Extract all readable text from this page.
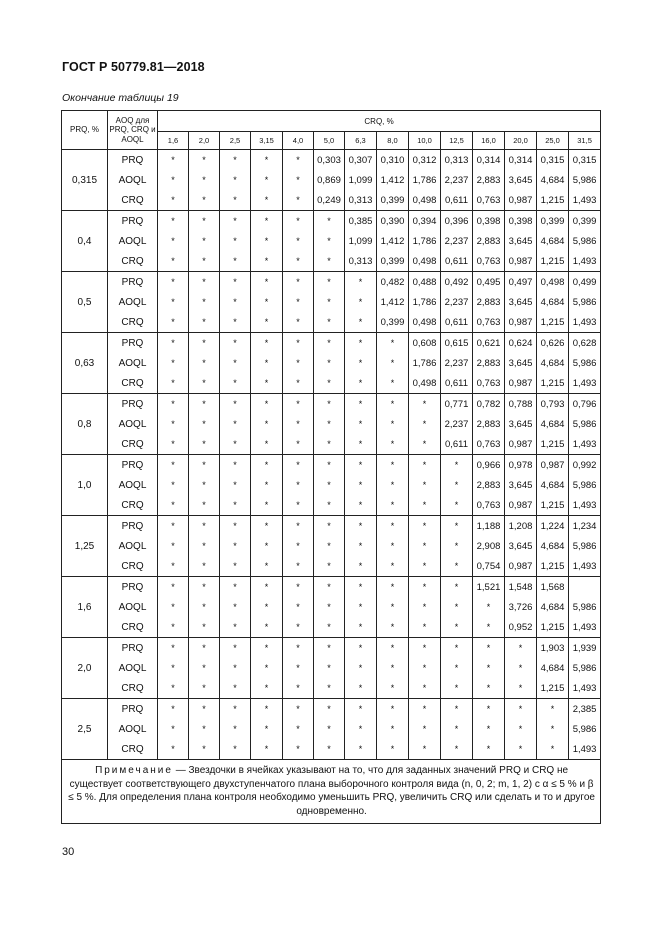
ГОСТ Р 50779.81—2018
Окончание таблицы 19
PRQ, %	AOQ для PRQ, CRQ и AOQL	CRQ, %													
		1,6	2,0	2,5	3,15	4,0	5,0	6,3	8,0	10,0	12,5	16,0	20,0	25,0	31,5
0,315	PRQ	*	*	*	*	*	0,303	0,307	0,310	0,312	0,313	0,314	0,314	0,315	0,315
	AOQL	*	*	*	*	*	0,869	1,099	1,412	1,786	2,237	2,883	3,645	4,684	5,986
	CRQ	*	*	*	*	*	0,249	0,313	0,399	0,498	0,611	0,763	0,987	1,215	1,493
0,4	PRQ	*	*	*	*	*	*	0,385	0,390	0,394	0,396	0,398	0,398	0,399	0,399
	AOQL	*	*	*	*	*	*	1,099	1,412	1,786	2,237	2,883	3,645	4,684	5,986
	CRQ	*	*	*	*	*	*	0,313	0,399	0,498	0,611	0,763	0,987	1,215	1,493
0,5	PRQ	*	*	*	*	*	*	*	0,482	0,488	0,492	0,495	0,497	0,498	0,499
	AOQL	*	*	*	*	*	*	*	1,412	1,786	2,237	2,883	3,645	4,684	5,986
	CRQ	*	*	*	*	*	*	*	0,399	0,498	0,611	0,763	0,987	1,215	1,493
0,63	PRQ	*	*	*	*	*	*	*	*	0,608	0,615	0,621	0,624	0,626	0,628
	AOQL	*	*	*	*	*	*	*	*	1,786	2,237	2,883	3,645	4,684	5,986
	CRQ	*	*	*	*	*	*	*	*	0,498	0,611	0,763	0,987	1,215	1,493
0,8	PRQ	*	*	*	*	*	*	*	*	*	0,771	0,782	0,788	0,793	0,796
	AOQL	*	*	*	*	*	*	*	*	*	2,237	2,883	3,645	4,684	5,986
	CRQ	*	*	*	*	*	*	*	*	*	0,611	0,763	0,987	1,215	1,493
1,0	PRQ	*	*	*	*	*	*	*	*	*	*	0,966	0,978	0,987	0,992
	AOQL	*	*	*	*	*	*	*	*	*	*	2,883	3,645	4,684	5,986
	CRQ	*	*	*	*	*	*	*	*	*	*	0,763	0,987	1,215	1,493
1,25	PRQ	*	*	*	*	*	*	*	*	*	*	1,188	1,208	1,224	1,234
	AOQL	*	*	*	*	*	*	*	*	*	*	2,908	3,645	4,684	5,986
	CRQ	*	*	*	*	*	*	*	*	*	*	0,754	0,987	1,215	1,493
1,6	PRQ	*	*	*	*	*	*	*	*	*	*	1,521	1,548	1,568	
	AOQL	*	*	*	*	*	*	*	*	*	*	*	3,726	4,684	5,986
	CRQ	*	*	*	*	*	*	*	*	*	*	*	0,952	1,215	1,493
2,0	PRQ	*	*	*	*	*	*	*	*	*	*	*	*	1,903	1,939
	AOQL	*	*	*	*	*	*	*	*	*	*	*	*	4,684	5,986
	CRQ	*	*	*	*	*	*	*	*	*	*	*	*	1,215	1,493
2,5	PRQ	*	*	*	*	*	*	*	*	*	*	*	*	*	2,385
	AOQL	*	*	*	*	*	*	*	*	*	*	*	*	*	5,986
	CRQ	*	*	*	*	*	*	*	*	*	*	*	*	*	1,493
Примечание — Звездочки в ячейках указывают на то, что для заданных значений PRQ и CRQ не существует соответствующего двухступенчатого плана выборочного контроля вида (n, 0, 2; m, 1, 2) с α ≤ 5 % и β ≤ 5 %. Для определения плана контроля необходимо уменьшить PRQ, увеличить CRQ или сделать и то и другое одновременно.															
30
